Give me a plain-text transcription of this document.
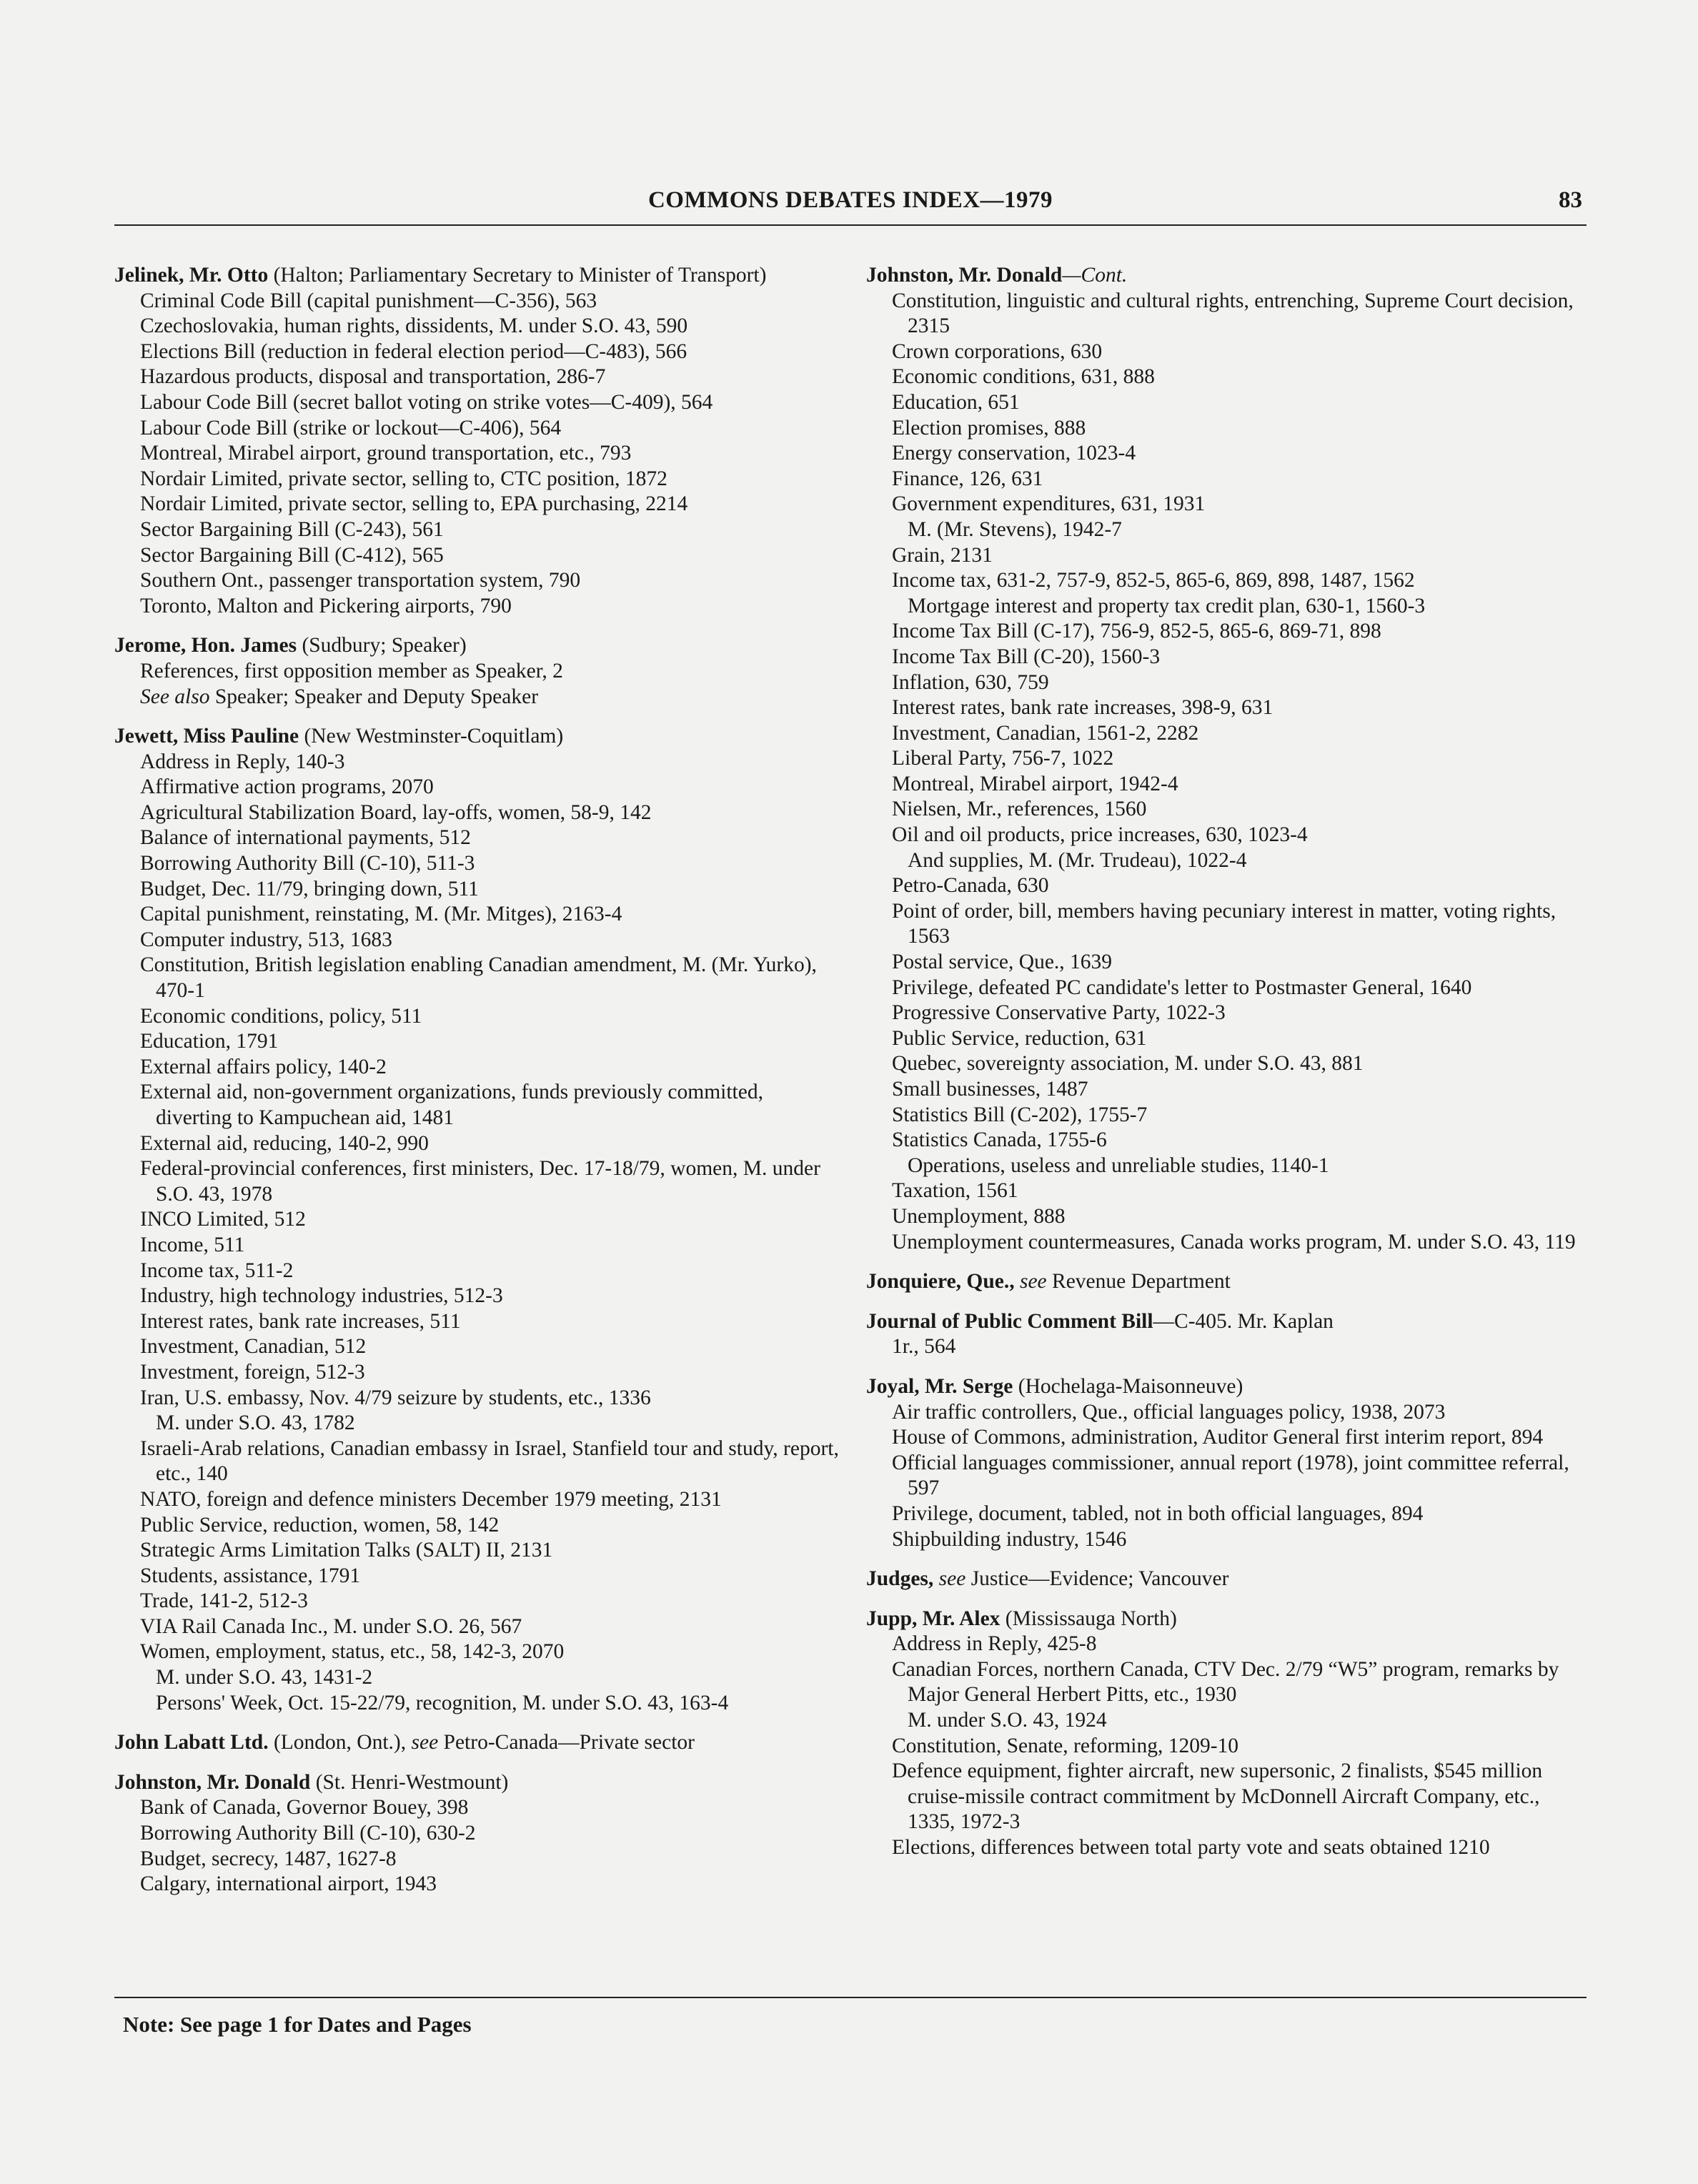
COMMONS DEBATES INDEX—1979	83
Jelinek, Mr. Otto (Halton; Parliamentary Secretary to Minister of Transport)
Criminal Code Bill (capital punishment—C-356), 563
Czechoslovakia, human rights, dissidents, M. under S.O. 43, 590
Elections Bill (reduction in federal election period—C-483), 566
Hazardous products, disposal and transportation, 286-7
Labour Code Bill (secret ballot voting on strike votes—C-409), 564
Labour Code Bill (strike or lockout—C-406), 564
Montreal, Mirabel airport, ground transportation, etc., 793
Nordair Limited, private sector, selling to, CTC position, 1872
Nordair Limited, private sector, selling to, EPA purchasing, 2214
Sector Bargaining Bill (C-243), 561
Sector Bargaining Bill (C-412), 565
Southern Ont., passenger transportation system, 790
Toronto, Malton and Pickering airports, 790
Jerome, Hon. James (Sudbury; Speaker)
References, first opposition member as Speaker, 2
See also Speaker; Speaker and Deputy Speaker
Jewett, Miss Pauline (New Westminster-Coquitlam)
Address in Reply, 140-3
Affirmative action programs, 2070
Agricultural Stabilization Board, lay-offs, women, 58-9, 142
Balance of international payments, 512
Borrowing Authority Bill (C-10), 511-3
Budget, Dec. 11/79, bringing down, 511
Capital punishment, reinstating, M. (Mr. Mitges), 2163-4
Computer industry, 513, 1683
Constitution, British legislation enabling Canadian amendment, M. (Mr. Yurko), 470-1
Economic conditions, policy, 511
Education, 1791
External affairs policy, 140-2
External aid, non-government organizations, funds previously committed, diverting to Kampuchean aid, 1481
External aid, reducing, 140-2, 990
Federal-provincial conferences, first ministers, Dec. 17-18/79, women, M. under S.O. 43, 1978
INCO Limited, 512
Income, 511
Income tax, 511-2
Industry, high technology industries, 512-3
Interest rates, bank rate increases, 511
Investment, Canadian, 512
Investment, foreign, 512-3
Iran, U.S. embassy, Nov. 4/79 seizure by students, etc., 1336
M. under S.O. 43, 1782
Israeli-Arab relations, Canadian embassy in Israel, Stanfield tour and study, report, etc., 140
NATO, foreign and defence ministers December 1979 meeting, 2131
Public Service, reduction, women, 58, 142
Strategic Arms Limitation Talks (SALT) II, 2131
Students, assistance, 1791
Trade, 141-2, 512-3
VIA Rail Canada Inc., M. under S.O. 26, 567
Women, employment, status, etc., 58, 142-3, 2070
M. under S.O. 43, 1431-2
Persons' Week, Oct. 15-22/79, recognition, M. under S.O. 43, 163-4
John Labatt Ltd. (London, Ont.), see Petro-Canada—Private sector
Johnston, Mr. Donald (St. Henri-Westmount)
Bank of Canada, Governor Bouey, 398
Borrowing Authority Bill (C-10), 630-2
Budget, secrecy, 1487, 1627-8
Calgary, international airport, 1943
Johnston, Mr. Donald—Cont.
Constitution, linguistic and cultural rights, entrenching, Supreme Court decision, 2315
Crown corporations, 630
Economic conditions, 631, 888
Education, 651
Election promises, 888
Energy conservation, 1023-4
Finance, 126, 631
Government expenditures, 631, 1931
M. (Mr. Stevens), 1942-7
Grain, 2131
Income tax, 631-2, 757-9, 852-5, 865-6, 869, 898, 1487, 1562
Mortgage interest and property tax credit plan, 630-1, 1560-3
Income Tax Bill (C-17), 756-9, 852-5, 865-6, 869-71, 898
Income Tax Bill (C-20), 1560-3
Inflation, 630, 759
Interest rates, bank rate increases, 398-9, 631
Investment, Canadian, 1561-2, 2282
Liberal Party, 756-7, 1022
Montreal, Mirabel airport, 1942-4
Nielsen, Mr., references, 1560
Oil and oil products, price increases, 630, 1023-4
And supplies, M. (Mr. Trudeau), 1022-4
Petro-Canada, 630
Point of order, bill, members having pecuniary interest in matter, voting rights, 1563
Postal service, Que., 1639
Privilege, defeated PC candidate's letter to Postmaster General, 1640
Progressive Conservative Party, 1022-3
Public Service, reduction, 631
Quebec, sovereignty association, M. under S.O. 43, 881
Small businesses, 1487
Statistics Bill (C-202), 1755-7
Statistics Canada, 1755-6
Operations, useless and unreliable studies, 1140-1
Taxation, 1561
Unemployment, 888
Unemployment countermeasures, Canada works program, M. under S.O. 43, 119
Jonquiere, Que., see Revenue Department
Journal of Public Comment Bill—C-405. Mr. Kaplan
1r., 564
Joyal, Mr. Serge (Hochelaga-Maisonneuve)
Air traffic controllers, Que., official languages policy, 1938, 2073
House of Commons, administration, Auditor General first interim report, 894
Official languages commissioner, annual report (1978), joint committee referral, 597
Privilege, document, tabled, not in both official languages, 894
Shipbuilding industry, 1546
Judges, see Justice—Evidence; Vancouver
Jupp, Mr. Alex (Mississauga North)
Address in Reply, 425-8
Canadian Forces, northern Canada, CTV Dec. 2/79 “W5” program, remarks by Major General Herbert Pitts, etc., 1930
M. under S.O. 43, 1924
Constitution, Senate, reforming, 1209-10
Defence equipment, fighter aircraft, new supersonic, 2 finalists, $545 million cruise-missile contract commitment by McDonnell Aircraft Company, etc., 1335, 1972-3
Elections, differences between total party vote and seats obtained 1210
Note: See page 1 for Dates and Pages
